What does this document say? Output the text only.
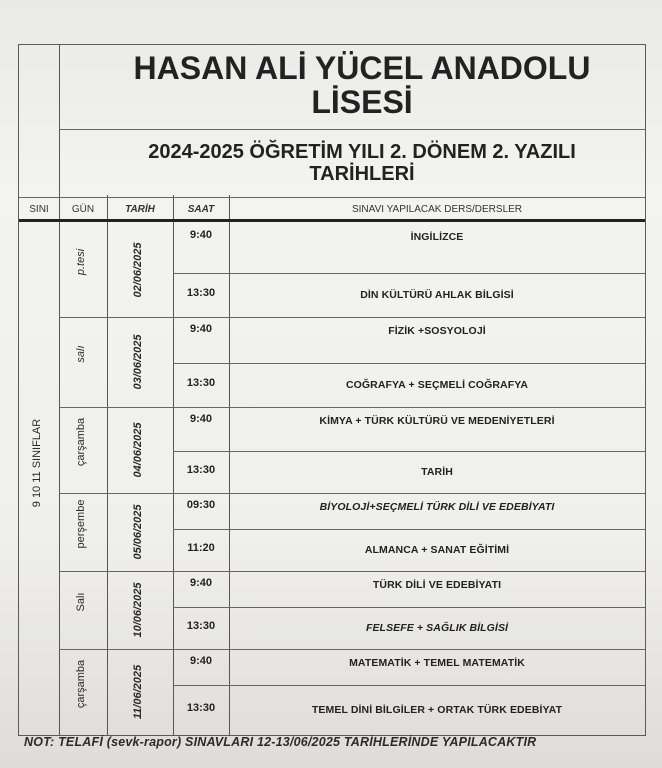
HASAN ALİ YÜCEL ANADOLU
LİSESİ
2024-2025 ÖĞRETİM YILI 2. DÖNEM 2. YAZILI
TARİHLERİ
SINI	GÜN	TARİH	SAAT	SINAVI YAPILACAK DERS/DERSLER
9 10 11 SINIFLAR
p.tesi	02/06/2025
9:40	İNGİLİZCE
13:30	DİN KÜLTÜRÜ AHLAK BİLGİSİ
salı	03/06/2025
9:40	FİZİK +SOSYOLOJİ
13:30	COĞRAFYA + SEÇMELİ COĞRAFYA
çarşamba	04/06/2025
9:40	KİMYA + TÜRK KÜLTÜRÜ VE MEDENİYETLERİ
13:30	TARİH
perşembe	05/06/2025	09:30	BİYOLOJİ+SEÇMELİ TÜRK DİLİ VE EDEBİYATI
11:20	ALMANCA + SANAT EĞİTİMİ
Salı	10/06/2025	9:40	TÜRK DİLİ VE EDEBİYATI
13:30	FELSEFE + SAĞLIK BİLGİSİ
çarşamba	11/06/2025
9:40	MATEMATİK + TEMEL MATEMATİK
13:30	TEMEL DİNİ BİLGİLER + ORTAK TÜRK EDEBİYAT
NOT: TELAFİ (sevk-rapor) SINAVLARI 12-13/06/2025 TARİHLERİNDE YAPILACAKTIR
